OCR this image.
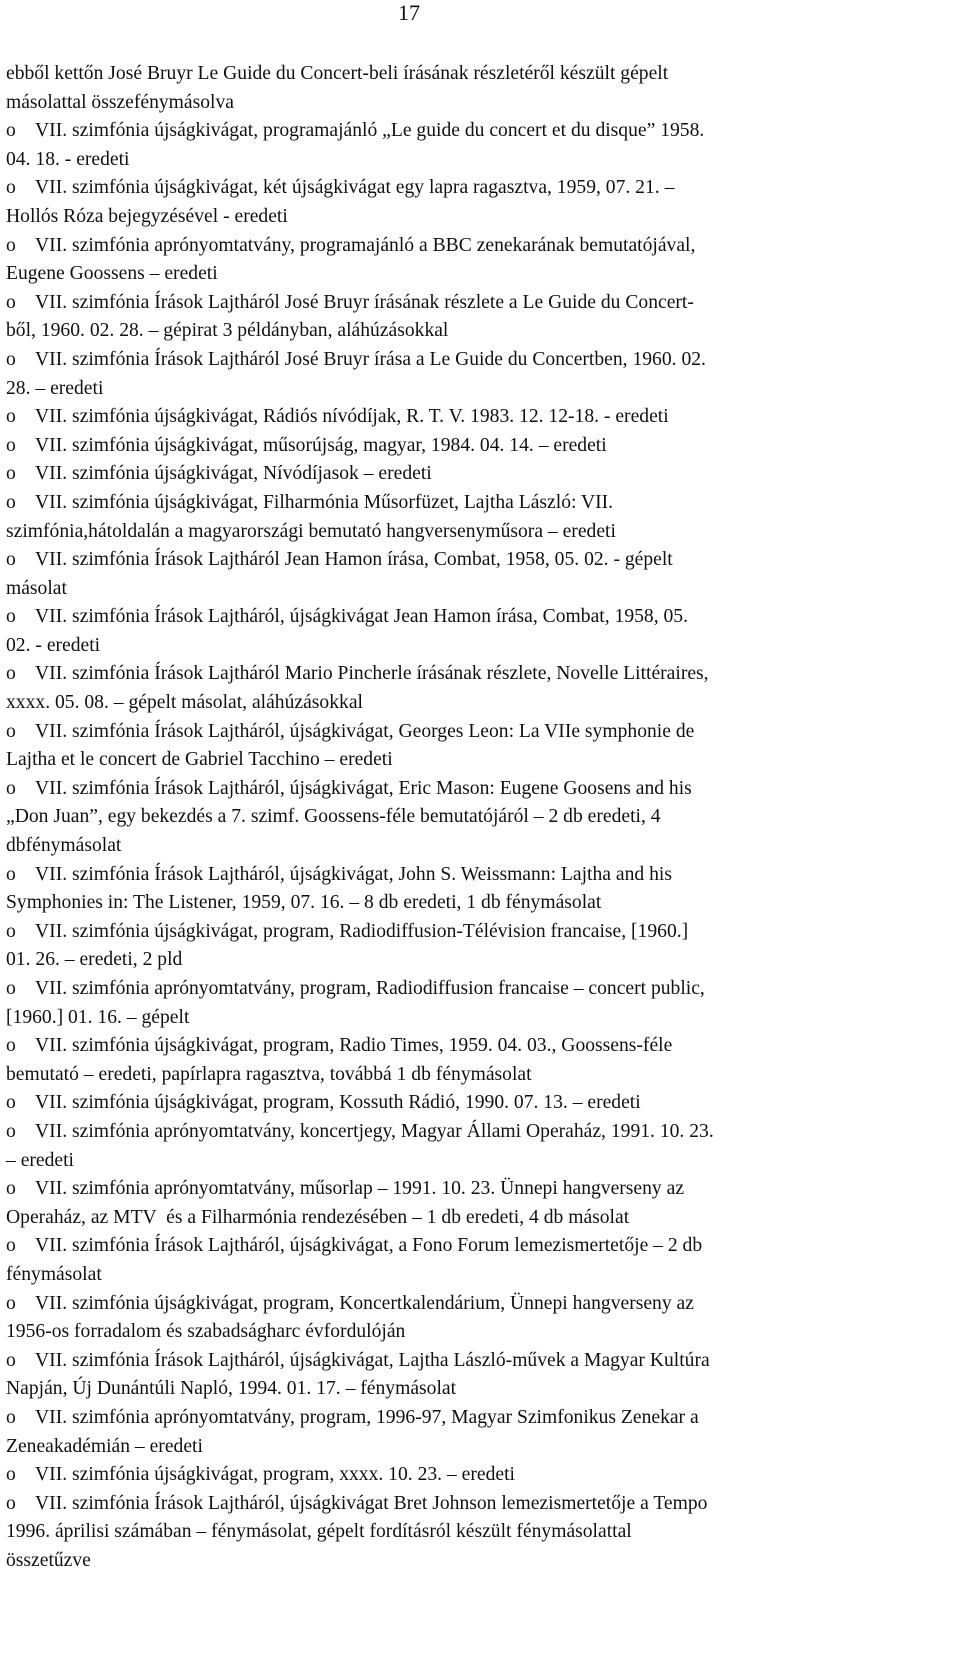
17
ebből kettőn José Bruyr Le Guide du Concert-beli írásának részletéről készült gépelt
másolattal összefénymásolva
o    VII. szimfónia újságkivágat, programajánló „Le guide du concert et du disque” 1958.
04. 18. - eredeti
o    VII. szimfónia újságkivágat, két újságkivágat egy lapra ragasztva, 1959, 07. 21. –
Hollós Róza bejegyzésével - eredeti
o    VII. szimfónia aprónyomtatvány, programajánló a BBC zenekarának bemutatójával,
Eugene Goossens – eredeti
o    VII. szimfónia Írások Lajtháról José Bruyr írásának részlete a Le Guide du Concert-
ből, 1960. 02. 28. – gépirat 3 példányban, aláhúzásokkal
o    VII. szimfónia Írások Lajtháról José Bruyr írása a Le Guide du Concertben, 1960. 02.
28. – eredeti
o    VII. szimfónia újságkivágat, Rádiós nívódíjak, R. T. V. 1983. 12. 12-18. - eredeti
o    VII. szimfónia újságkivágat, műsorújság, magyar, 1984. 04. 14. – eredeti
o    VII. szimfónia újságkivágat, Nívódíjasok – eredeti
o    VII. szimfónia újságkivágat, Filharmónia Műsorfüzet, Lajtha László: VII.
szimfónia,hátoldalán a magyarországi bemutató hangversenyműsora – eredeti
o    VII. szimfónia Írások Lajtháról Jean Hamon írása, Combat, 1958, 05. 02. - gépelt
másolat
o    VII. szimfónia Írások Lajtháról, újságkivágat Jean Hamon írása, Combat, 1958, 05.
02. - eredeti
o    VII. szimfónia Írások Lajtháról Mario Pincherle írásának részlete, Novelle Littéraires,
xxxx. 05. 08. – gépelt másolat, aláhúzásokkal
o    VII. szimfónia Írások Lajtháról, újságkivágat, Georges Leon: La VIIe symphonie de
Lajtha et le concert de Gabriel Tacchino – eredeti
o    VII. szimfónia Írások Lajtháról, újságkivágat, Eric Mason: Eugene Goosens and his
„Don Juan”, egy bekezdés a 7. szimf. Goossens-féle bemutatójáról – 2 db eredeti, 4
dbfénymásolat
o    VII. szimfónia Írások Lajtháról, újságkivágat, John S. Weissmann: Lajtha and his
Symphonies in: The Listener, 1959, 07. 16. – 8 db eredeti, 1 db fénymásolat
o    VII. szimfónia újságkivágat, program, Radiodiffusion-Télévision francaise, [1960.]
01. 26. – eredeti, 2 pld
o    VII. szimfónia aprónyomtatvány, program, Radiodiffusion francaise – concert public,
[1960.] 01. 16. – gépelt
o    VII. szimfónia újságkivágat, program, Radio Times, 1959. 04. 03., Goossens-féle
bemutató – eredeti, papírlapra ragasztva, továbbá 1 db fénymásolat
o    VII. szimfónia újságkivágat, program, Kossuth Rádió, 1990. 07. 13. – eredeti
o    VII. szimfónia aprónyomtatvány, koncertjegy, Magyar Állami Operaház, 1991. 10. 23.
– eredeti
o    VII. szimfónia aprónyomtatvány, műsorlap – 1991. 10. 23. Ünnepi hangverseny az
Operaház, az MTV  és a Filharmónia rendezésében – 1 db eredeti, 4 db másolat
o    VII. szimfónia Írások Lajtháról, újságkivágat, a Fono Forum lemezismertetője – 2 db
fénymásolat
o    VII. szimfónia újságkivágat, program, Koncertkalendárium, Ünnepi hangverseny az
1956-os forradalom és szabadságharc évfordulóján
o    VII. szimfónia Írások Lajtháról, újságkivágat, Lajtha László-művek a Magyar Kultúra
Napján, Új Dunántúli Napló, 1994. 01. 17. – fénymásolat
o    VII. szimfónia aprónyomtatvány, program, 1996-97, Magyar Szimfonikus Zenekar a
Zeneakadémián – eredeti
o    VII. szimfónia újságkivágat, program, xxxx. 10. 23. – eredeti
o    VII. szimfónia Írások Lajtháról, újságkivágat Bret Johnson lemezismertetője a Tempo
1996. áprilisi számában – fénymásolat, gépelt fordításról készült fénymásolattal
összetűzve
